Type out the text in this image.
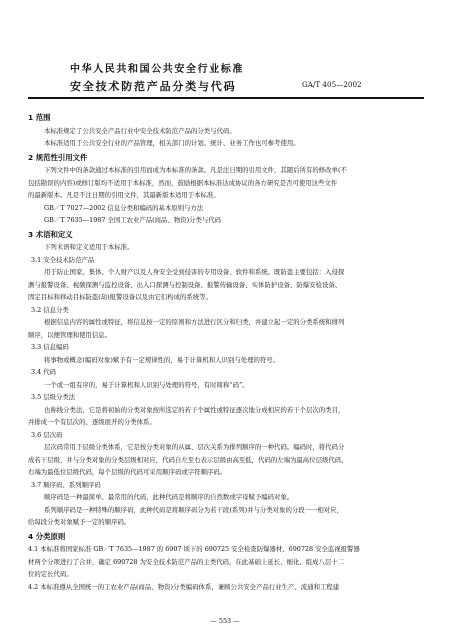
中华人民共和国公共安全行业标准
安全技术防范产品分类与代码	GA/T 405—2002

1 范围

本标准规定了公共安全产品行业中安全技术防范产品的分类与代码。

本标准适用于公共安全行业的产品管理，相关部门的计划、统计、业务工作也可参考使用。

2 规范性引用文件

下列文件中的条款通过本标准的引用而成为本标准的条款。凡是注日期的引用文件，其随后所有的修改单(不

包括勘误的内容)或修订版均不适用于本标准，然而，鼓励根据本标准达成协议的各方研究是否可使用这些文件

的最新版本。凡是不注日期的引用文件，其最新版本适用于本标准。

GB／T 7027—2002 信息分类和编码的基本原则与方法

GB／T 7635—1987 全国工农业产品(商品、物资)分类与代码

3 术语和定义

下列术语和定义适用于本标准。

3.1 安全技术防范产品

用于防止国家、集体、个人财产以及人身安全受到侵害的专用设备、软件和系统。既防盗主要包括：入侵探

测与报警设备、视频探测与监控设备、出入口探测与控制设备、报警传输设备、实体防护设备、防爆安检设备、

固定目标和移动目标防盗(劫)报警设备以及由它们构成的系统等。

3.2 信息分类

根据信息内容的属性或特征，将信息按一定的原则和方法进行区分和归类，并建立起一定的分类系统和排列

顺序，以便管理和使用信息。

3.3 信息编码

将事物或概念(编码对象)赋予有一定规律性的，易于计算机和人识别与处理的符号。

3.4 代码

一个或一组有序的，易于计算机和人识别与处理的符号，有时简称“码”。

3.5 层级分类法

也称线分类法，它是将初始的分类对象按所选定的若干个属性或特征逐次地分成相应的若干个层次的类目，

并排成一个有层次的、逐级展开的分类体系。

3.6 层次码

层次码常用于层级分类体系，它是按分类对象的从属、层次关系为排列顺序的一种代码。编码时，将代码分

成若干层级，并与分类对象的分类层级相对应，代码自左至右表示层级由高至低，代码的左端为最高位层级代码，

右端为最低位层级代码，每个层级的代码可采用顺序码或字符顺序码。

3.7 顺序码、系列顺序码

顺序码是一种最简单、最常用的代码，此种代码是将顺序的自然数或字母赋予编码对象。

系列顺序码是一种特殊的顺序码，此种代码是将顺序码分为若干段(系列)并与分类对象的分段一一相对应，

给每段分类对象赋予一定的顺序码。

4 分类原则

4.1 本标准将国家标准 GB／T 7635—1987 的 6907 顷下的 690725 安全检查防爆器材、690728 安全监视报警器

材两个分项进行了合并，确定 690728 为安全技术防范产品的主类代码，在此基础上延长、细化、组成八层十二

位的定长代码。

4.2 本标准遵从全国统一的工农业产品(商品、物资)分类编码体系，兼顾公共安全产品行业生产、流通和工程建

— 553 —
